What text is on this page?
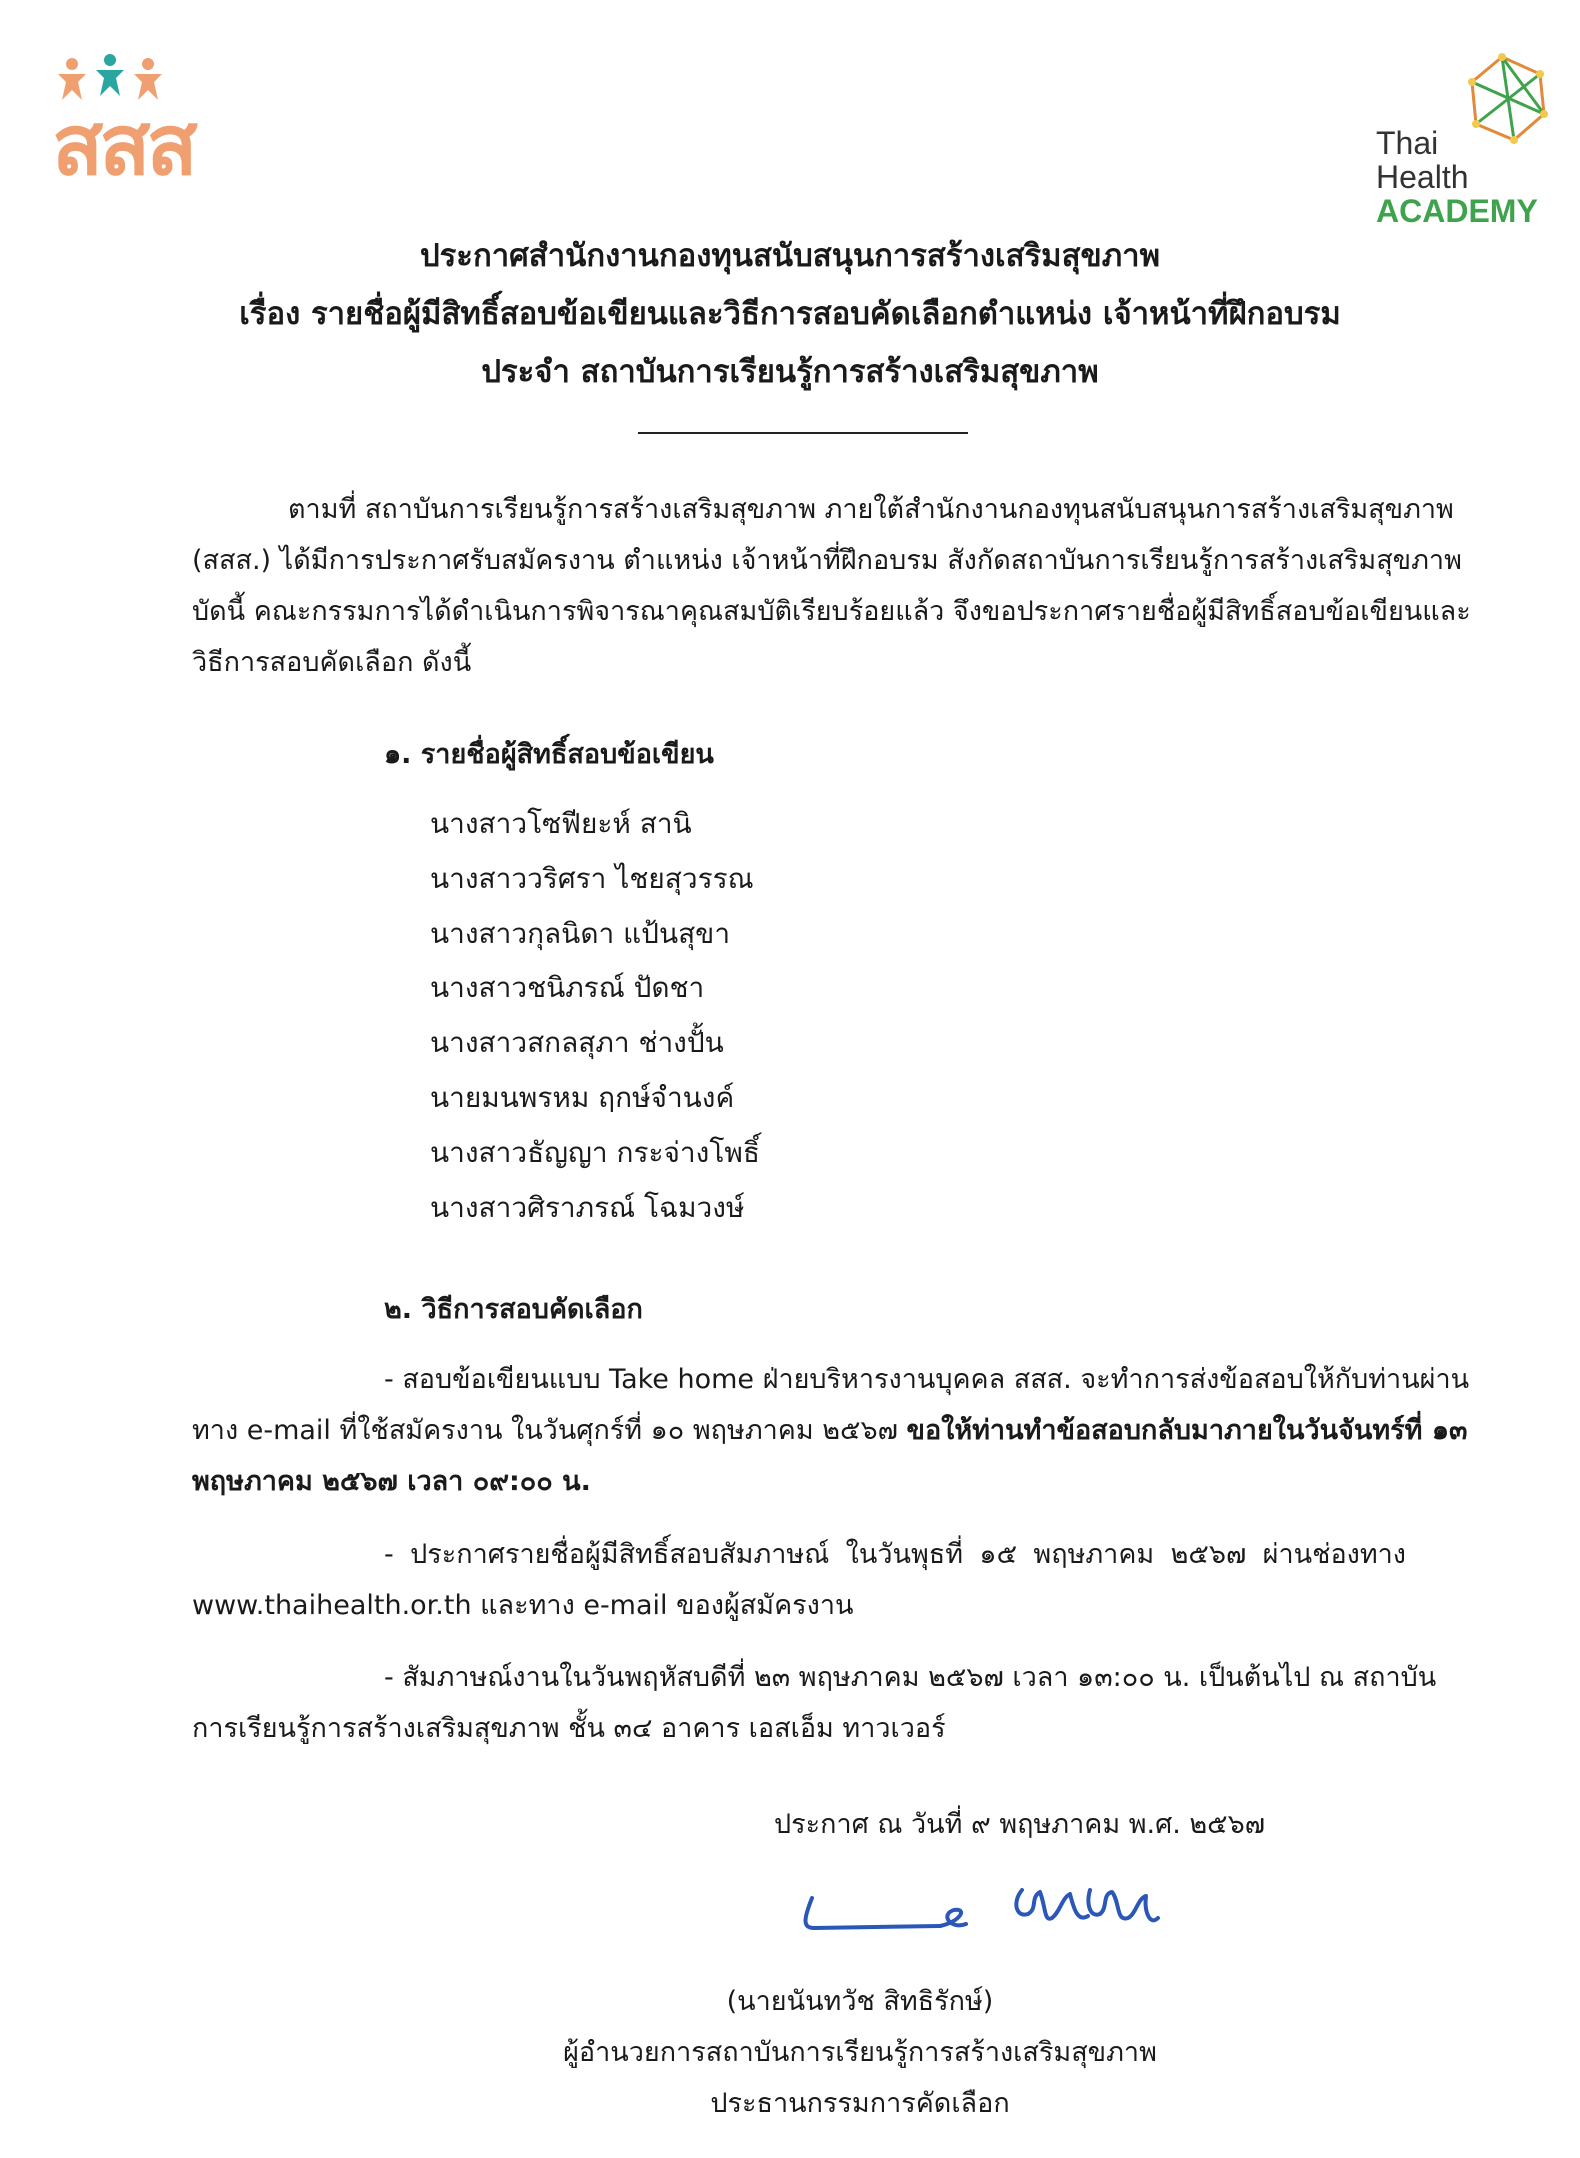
สสส	Thai
Health
ACADEMY
ประกาศสำนักงานกองทุนสนับสนุนการสร้างเสริมสุขภาพ
เรื่อง รายชื่อผู้มีสิทธิ์สอบข้อเขียนและวิธีการสอบคัดเลือกตำแหน่ง เจ้าหน้าที่ฝึกอบรม
ประจำ สถาบันการเรียนรู้การสร้างเสริมสุขภาพ
ตามที่ สถาบันการเรียนรู้การสร้างเสริมสุขภาพ ภายใต้สำนักงานกองทุนสนับสนุนการสร้างเสริมสุขภาพ
(สสส.) ได้มีการประกาศรับสมัครงาน ตำแหน่ง เจ้าหน้าที่ฝึกอบรม สังกัดสถาบันการเรียนรู้การสร้างเสริมสุขภาพ
บัดนี้ คณะกรรมการได้ดำเนินการพิจารณาคุณสมบัติเรียบร้อยแล้ว จึงขอประกาศรายชื่อผู้มีสิทธิ์สอบข้อเขียนและ
วิธีการสอบคัดเลือก ดังนี้
๑. รายชื่อผู้สิทธิ์สอบข้อเขียน
นางสาวโซฟียะห์ สานิ
นางสาววริศรา ไชยสุวรรณ
นางสาวกุลนิดา แป้นสุขา
นางสาวชนิภรณ์ ปัดชา
นางสาวสกลสุภา ช่างปั้น
นายมนพรหม ฤกษ์จำนงค์
นางสาวธัญญา กระจ่างโพธิ์
นางสาวศิราภรณ์ โฉมวงษ์
๒. วิธีการสอบคัดเลือก
- สอบข้อเขียนแบบ Take home ฝ่ายบริหารงานบุคคล สสส. จะทำการส่งข้อสอบให้กับท่านผ่าน
ทาง e-mail ที่ใช้สมัครงาน ในวันศุกร์ที่ ๑๐ พฤษภาคม ๒๕๖๗ ขอให้ท่านทำข้อสอบกลับมาภายในวันจันทร์ที่ ๑๓
พฤษภาคม ๒๕๖๗ เวลา ๐๙:๐๐ น.
- ประกาศรายชื่อผู้มีสิทธิ์สอบสัมภาษณ์ ในวันพุธที่ ๑๕ พฤษภาคม ๒๕๖๗ ผ่านช่องทาง
www.thaihealth.or.th และทาง e-mail ของผู้สมัครงาน
- สัมภาษณ์งานในวันพฤหัสบดีที่ ๒๓ พฤษภาคม ๒๕๖๗ เวลา ๑๓:๐๐ น. เป็นต้นไป ณ สถาบัน
การเรียนรู้การสร้างเสริมสุขภาพ ชั้น ๓๔ อาคาร เอสเอ็ม ทาวเวอร์
ประกาศ ณ วันที่ ๙ พฤษภาคม พ.ศ. ๒๕๖๗
(นายนันทวัช สิทธิรักษ์)
ผู้อำนวยการสถาบันการเรียนรู้การสร้างเสริมสุขภาพ
ประธานกรรมการคัดเลือก
